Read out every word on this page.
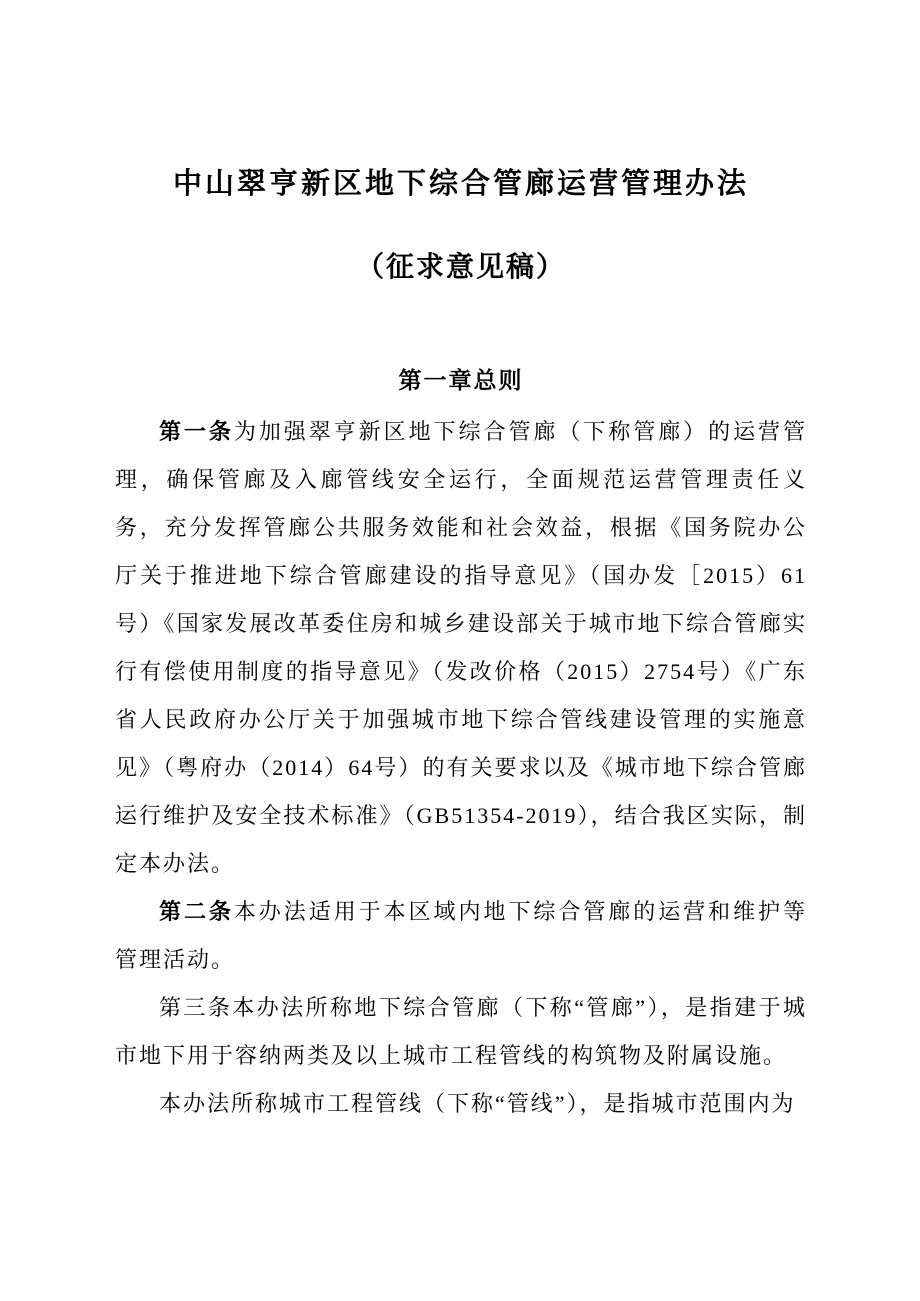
中山翠亨新区地下综合管廊运营管理办法
（征求意见稿）
第一章总则

第一条为加强翠亨新区地下综合管廊（下称管廊）的运营管理，确保管廊及入廊管线安全运行，全面规范运营管理责任义务，充分发挥管廊公共服务效能和社会效益，根据《国务院办公厅关于推进地下综合管廊建设的指导意见》（国办发［2015）61号）《国家发展改革委住房和城乡建设部关于城市地下综合管廊实行有偿使用制度的指导意见》（发改价格（2015）2754号）《广东省人民政府办公厅关于加强城市地下综合管线建设管理的实施意见》（粤府办（2014）64号）的有关要求以及《城市地下综合管廊运行维护及安全技术标准》（GB51354-2019），结合我区实际，制定本办法。

第二条本办法适用于本区域内地下综合管廊的运营和维护等管理活动。

第三条本办法所称地下综合管廊（下称“管廊”），是指建于城市地下用于容纳两类及以上城市工程管线的构筑物及附属设施。

本办法所称城市工程管线（下称“管线”），是指城市范围内为
